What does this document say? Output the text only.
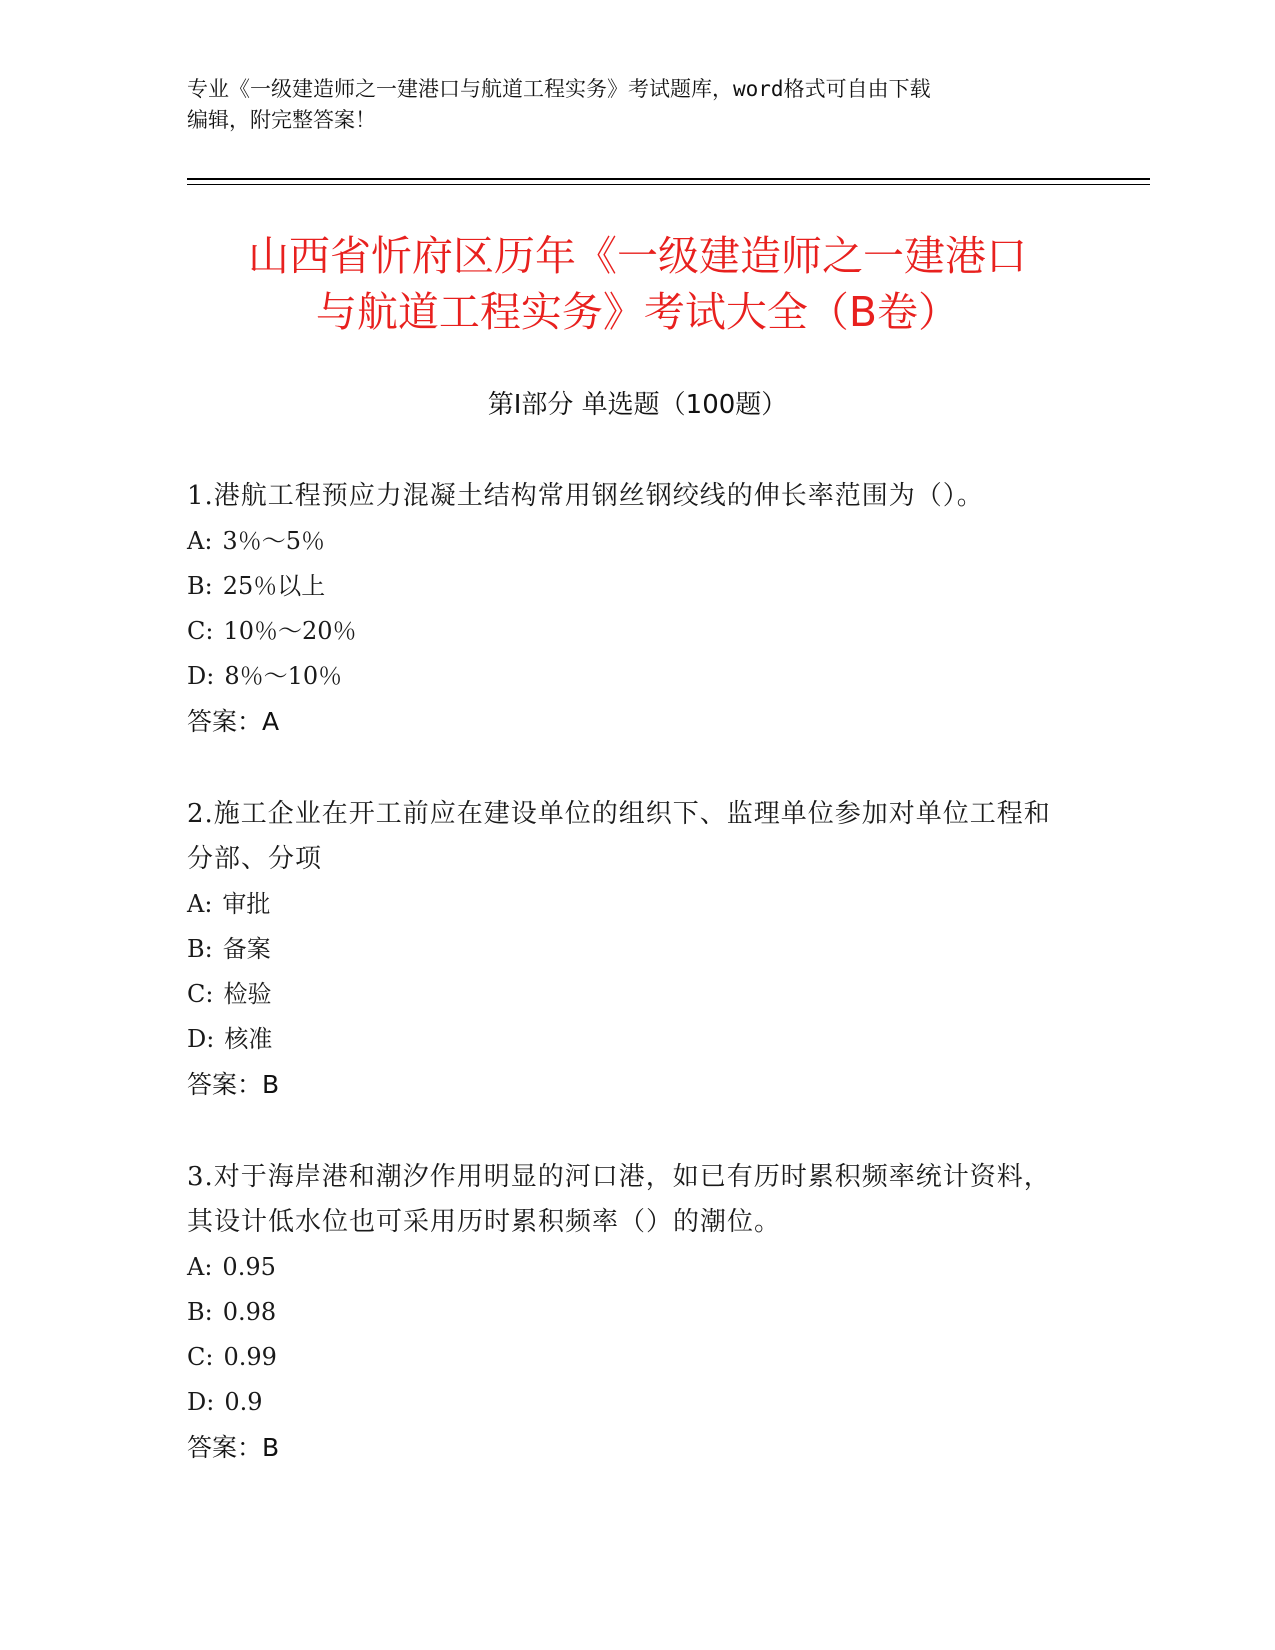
专业《一级建造师之一建港口与航道工程实务》考试题库，word格式可自由下载
编辑，附完整答案！
山西省忻府区历年《一级建造师之一建港口
与航道工程实务》考试大全（B卷）
第Ⅰ部分 单选题（100题）
1.港航工程预应力混凝土结构常用钢丝钢绞线的伸长率范围为（）。
A: 3％～5％
B: 25％以上
C: 10％～20％
D: 8％～10％
答案：A
2.施工企业在开工前应在建设单位的组织下、监理单位参加对单位工程和分部、分项
A: 审批
B: 备案
C: 检验
D: 核准
答案：B
3.对于海岸港和潮汐作用明显的河口港，如已有历时累积频率统计资料，其设计低水位也可采用历时累积频率（）的潮位。
A: 0.95
B: 0.98
C: 0.99
D: 0.9
答案：B
